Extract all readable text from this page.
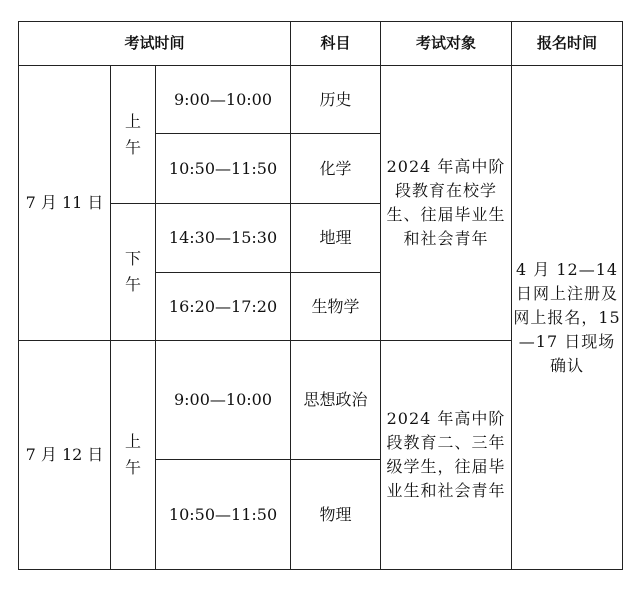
考试时间			科目	考试对象	报名时间
7 月 11 日	上午	9:00—10:00	历史	2024 年高中阶段教育在校学生、往届毕业生和社会青年	4 月 12—14 日网上注册及网上报名，15—17 日现场确认
		10:50—11:50	化学		
	下午	14:30—15:30	地理		
		16:20—17:20	生物学		
7 月 12 日	上午	9:00—10:00	思想政治	2024 年高中阶段教育二、三年级学生，往届毕业生和社会青年	
		10:50—11:50	物理		
